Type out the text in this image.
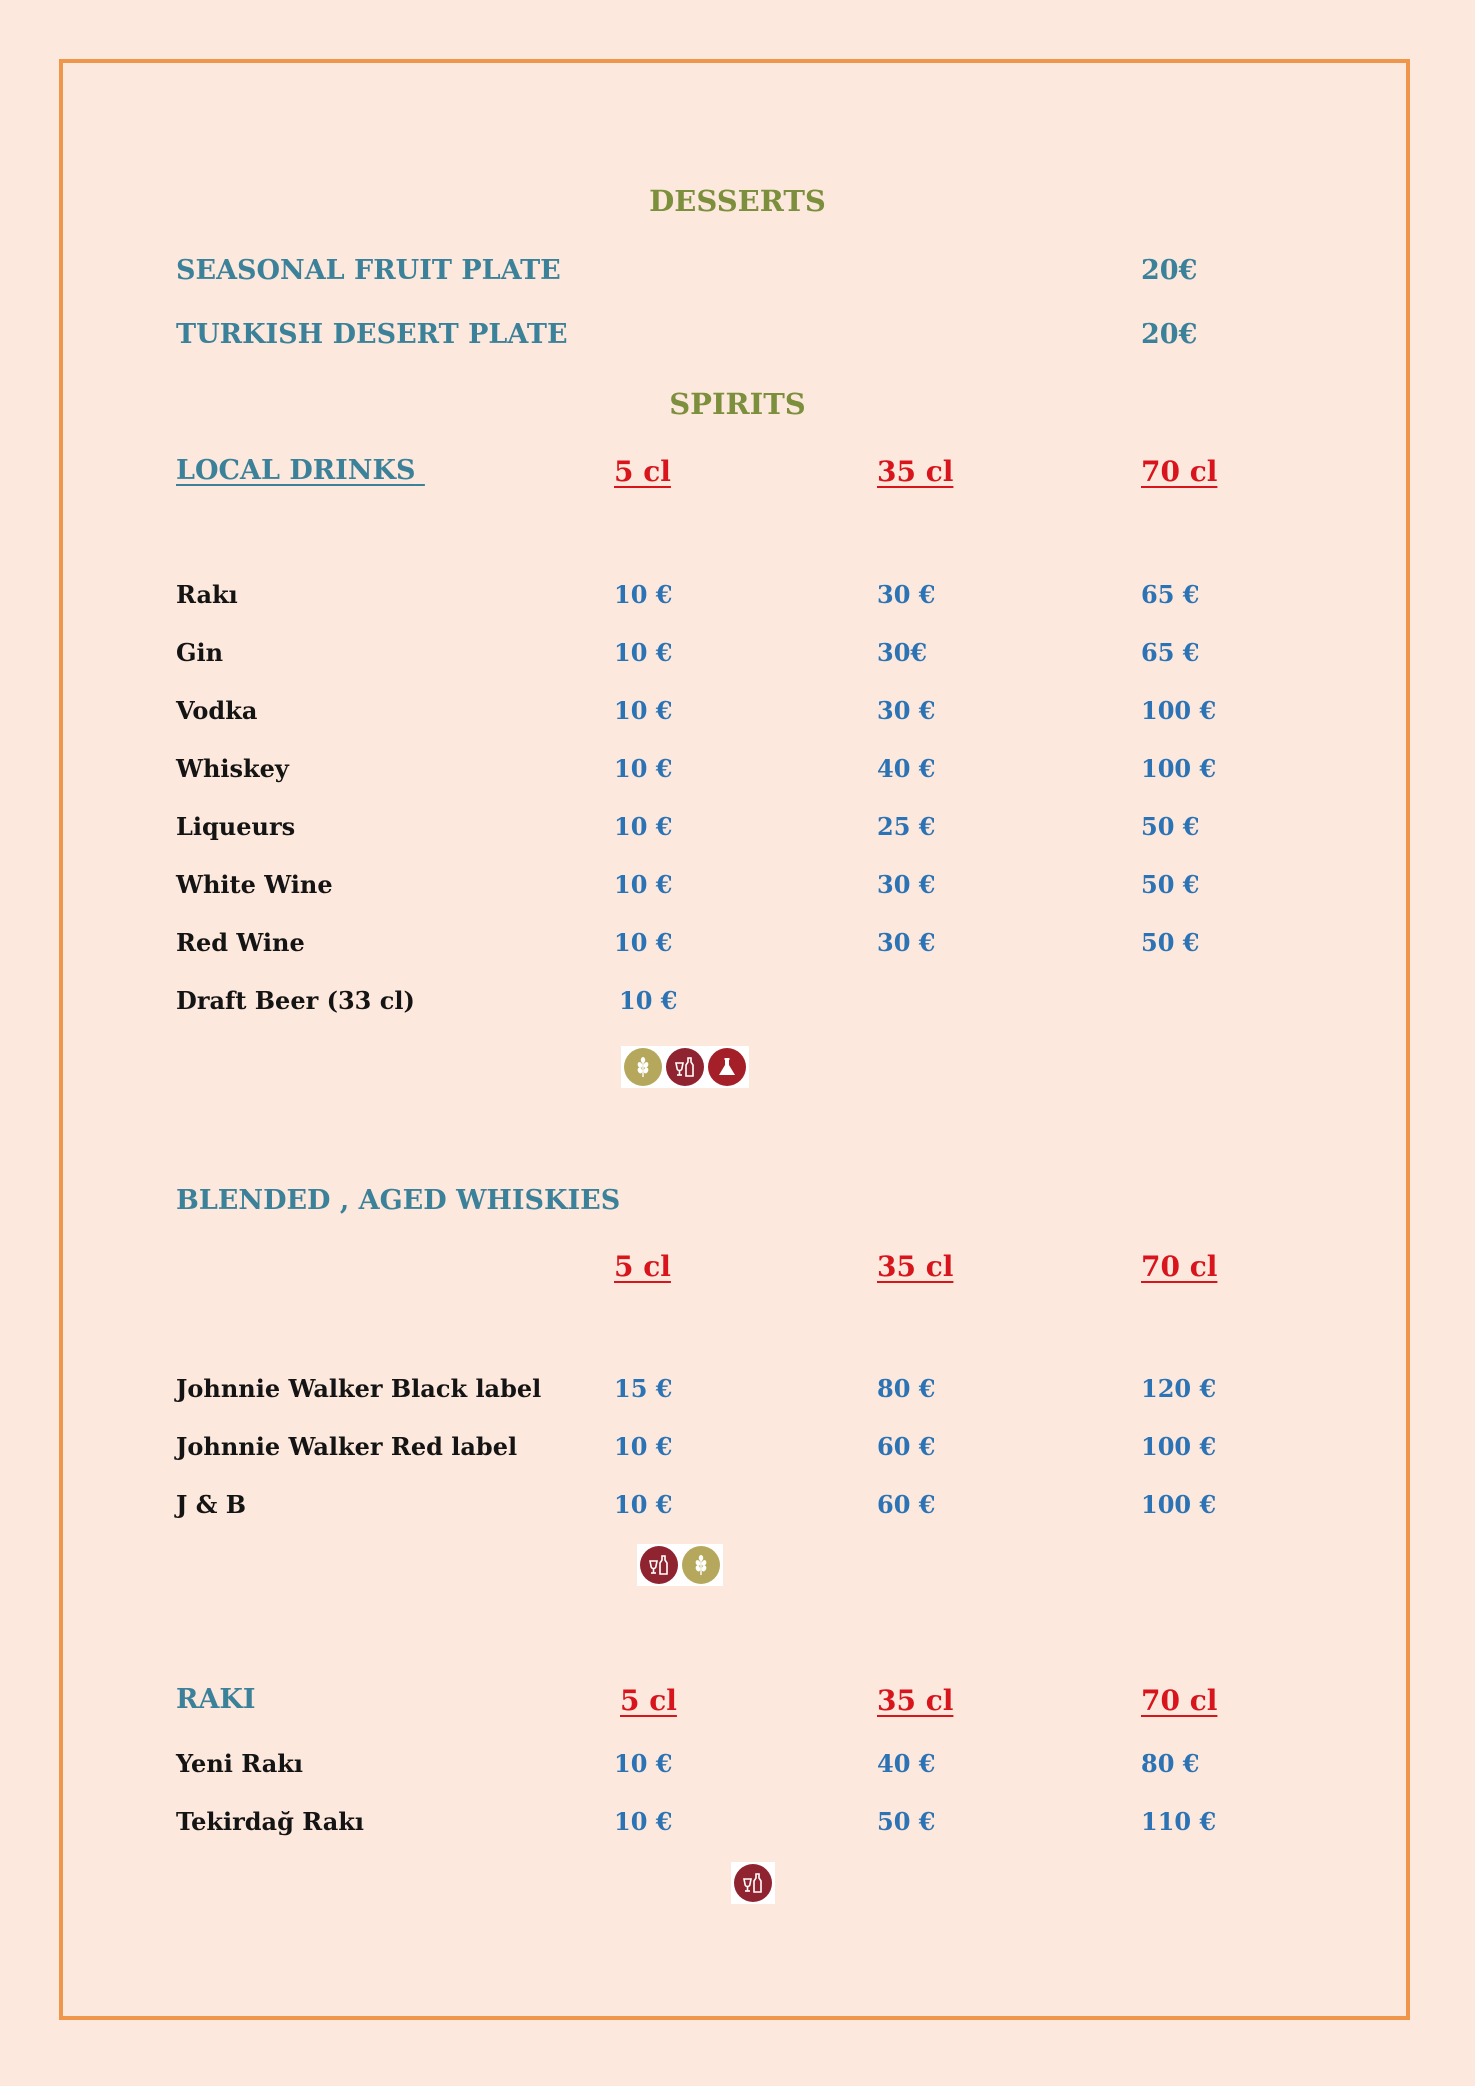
DESSERTS
SEASONAL FRUIT PLATE	20€
TURKISH DESERT PLATE	20€
SPIRITS
LOCAL DRINKS	5 cl	35 cl	70 cl
Rakı	10 €	30 €	65 €
Gin	10 €	30€	65 €
Vodka	10 €	30 €	100 €
Whiskey	10 €	40 €	100 €
Liqueurs	10 €	25 €	50 €
White Wine	10 €	30 €	50 €
Red Wine	10 €	30 €	50 €
Draft Beer (33 cl)	10 €
BLENDED , AGED WHISKIES
5 cl	35 cl	70 cl
Johnnie Walker Black label	15 €	80 €	120 €
Johnnie Walker Red label	10 €	60 €	100 €
J & B	10 €	60 €	100 €
RAKI	5 cl	35 cl	70 cl
Yeni Rakı	10 €	40 €	80 €
Tekirdağ Rakı	10 €	50 €	110 €
